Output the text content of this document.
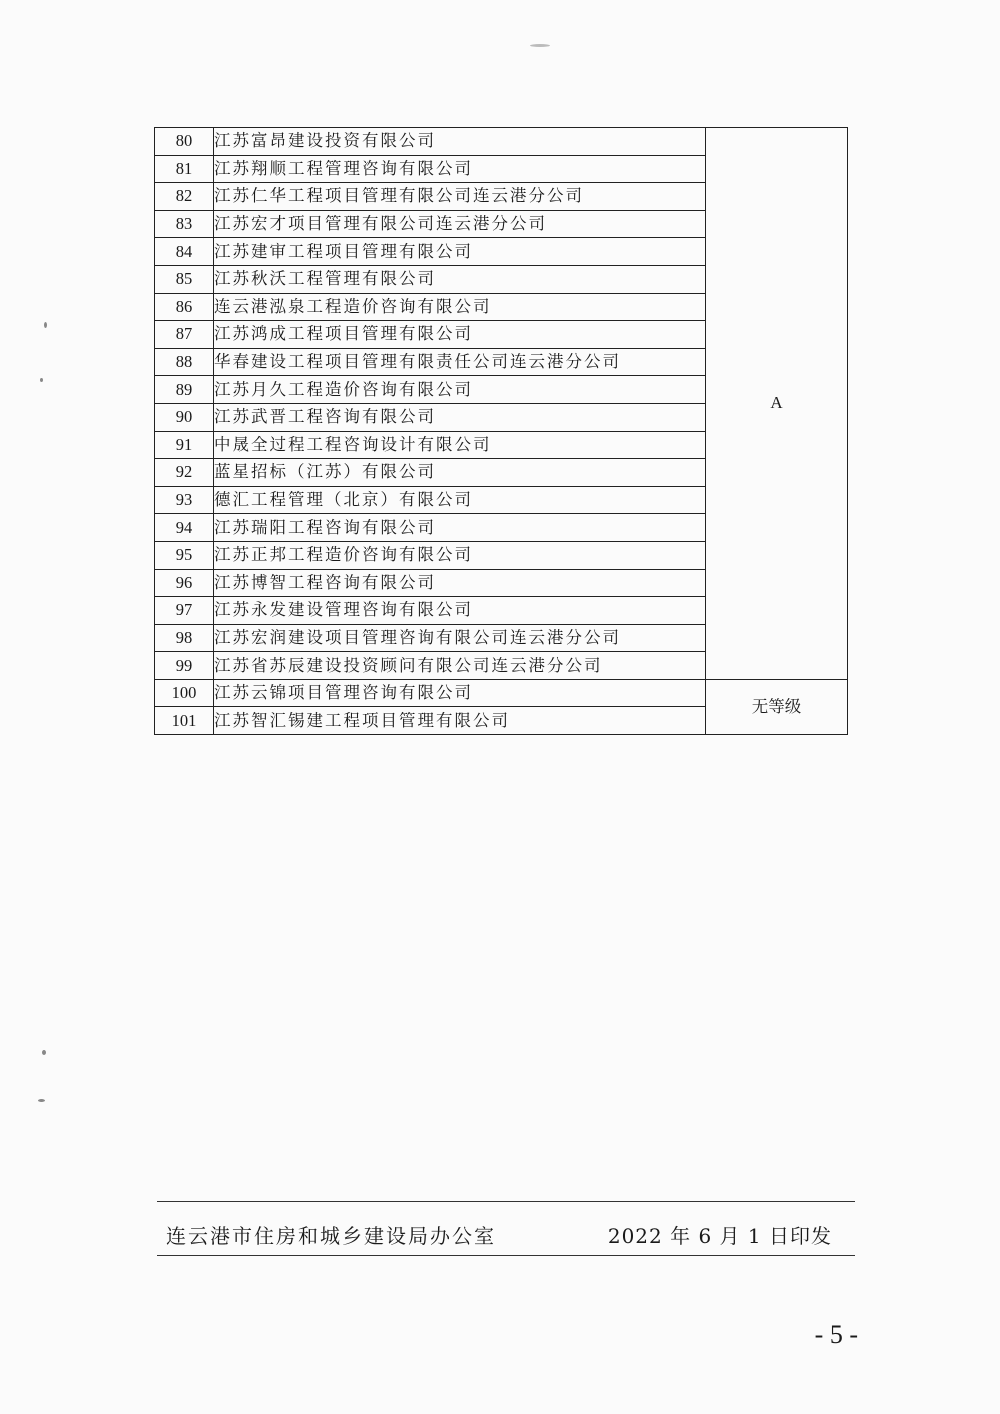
80	江苏富昂建设投资有限公司	A
81	江苏翔顺工程管理咨询有限公司	
82	江苏仁华工程项目管理有限公司连云港分公司	
83	江苏宏才项目管理有限公司连云港分公司	
84	江苏建审工程项目管理有限公司	
85	江苏秋沃工程管理有限公司	
86	连云港泓泉工程造价咨询有限公司	
87	江苏鸿成工程项目管理有限公司	
88	华春建设工程项目管理有限责任公司连云港分公司	
89	江苏月久工程造价咨询有限公司	
90	江苏武晋工程咨询有限公司	
91	中晟全过程工程咨询设计有限公司	
92	蓝星招标（江苏）有限公司	
93	德汇工程管理（北京）有限公司	
94	江苏瑞阳工程咨询有限公司	
95	江苏正邦工程造价咨询有限公司	
96	江苏博智工程咨询有限公司	
97	江苏永发建设管理咨询有限公司	
98	江苏宏润建设项目管理咨询有限公司连云港分公司	
99	江苏省苏辰建设投资顾问有限公司连云港分公司	
100	江苏云锦项目管理咨询有限公司	无等级
101	江苏智汇锡建工程项目管理有限公司	
连云港市住房和城乡建设局办公室	2022 年 6 月 1 日印发
- 5 -
